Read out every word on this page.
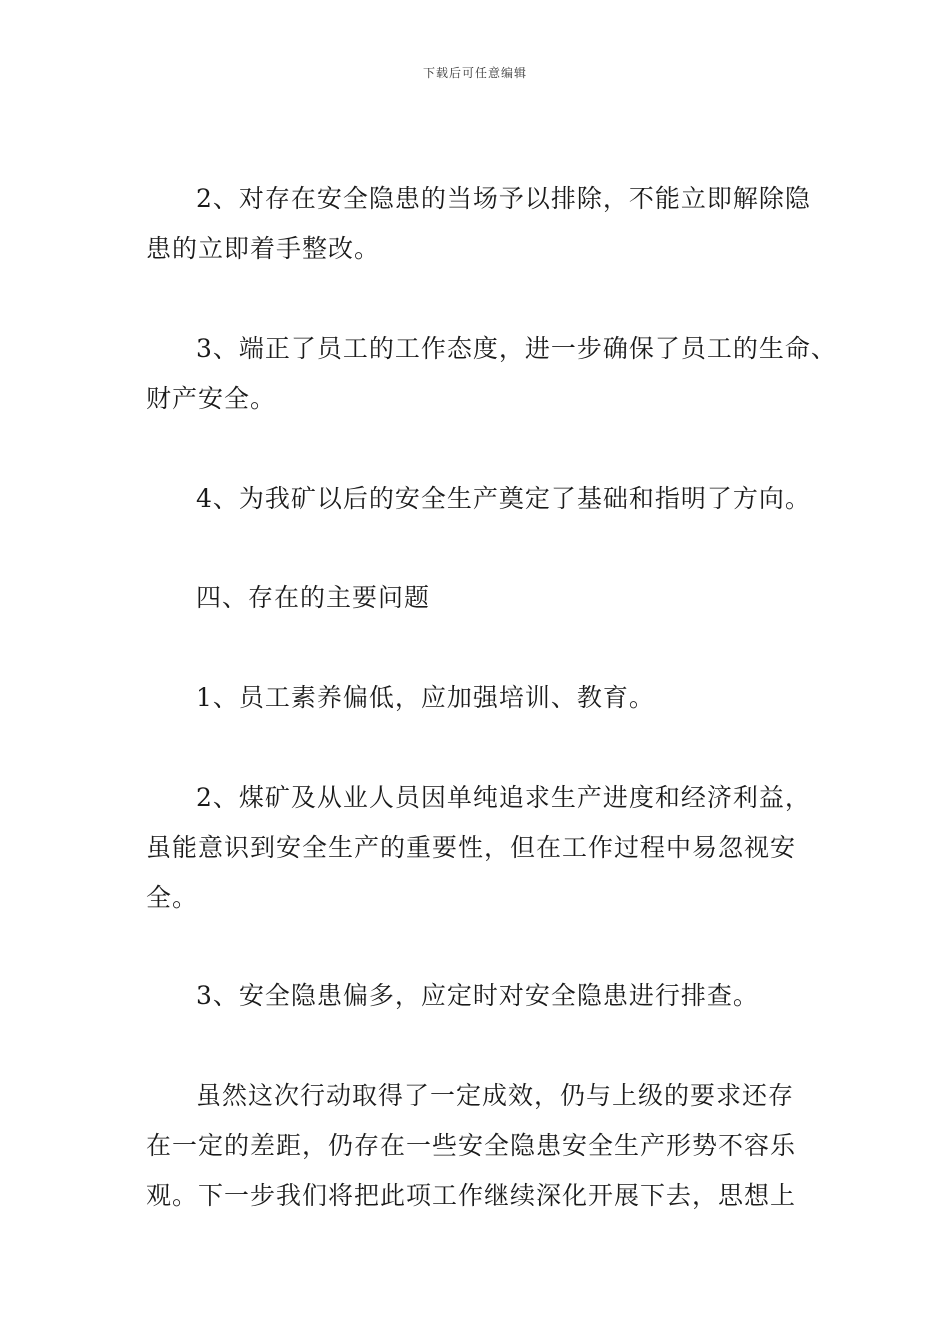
下载后可任意编辑

2、对存在安全隐患的当场予以排除，不能立即解除隐
患的立即着手整改。

3、端正了员工的工作态度，进一步确保了员工的生命、
财产安全。

4、为我矿以后的安全生产奠定了基础和指明了方向。

四、存在的主要问题

1、员工素养偏低，应加强培训、教育。

2、煤矿及从业人员因单纯追求生产进度和经济利益，
虽能意识到安全生产的重要性，但在工作过程中易忽视安
全。

3、安全隐患偏多，应定时对安全隐患进行排查。

虽然这次行动取得了一定成效，仍与上级的要求还存
在一定的差距，仍存在一些安全隐患安全生产形势不容乐
观。下一步我们将把此项工作继续深化开展下去，思想上
